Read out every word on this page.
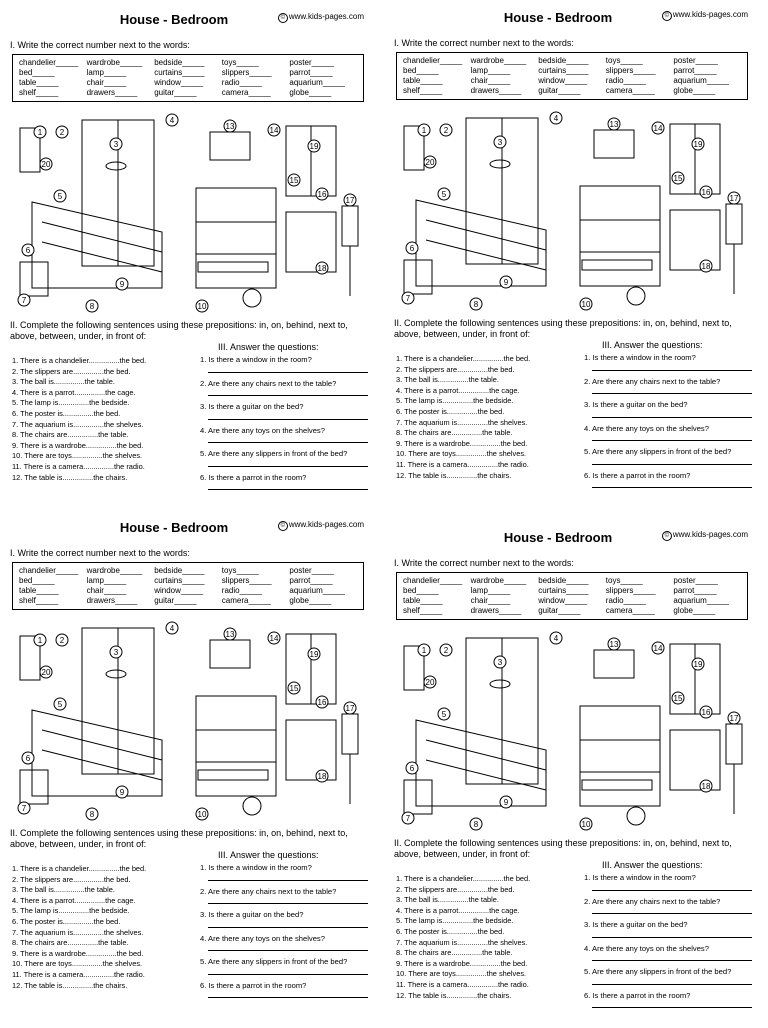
House - Bedroom	© www.kids-pages.com
I. Write the correct number next to the words:
chandelier _____	wardrobe _____	bedside _____	toys _____	poster _____
bed _____	lamp _____	curtains _____	slippers _____	parrot _____
table _____	chair _____	window _____	radio _____	aquarium _____
shelf _____	drawers _____	guitar _____	camera _____	globe _____
1 2
3
4
5
6
7
8
9
10
13	14
15
16
17
18
19
20
II. Complete the following sentences using these prepositions: in, on, behind, next to, above, between, under, in front of:
III. Answer the questions:
1. There is a chandelier...............the bed.
2. The slippers are...............the bed.
3. The ball is...............the table.
4. There is a parrot...............the cage.
5. The lamp is...............the bedside.
6. The poster is...............the bed.
7. The aquarium is...............the shelves.
8. The chairs are...............the table.
9. There is a wardrobe...............the bed.
10. There are toys...............the shelves.
11. There is a camera...............the radio.
12. The table is...............the chairs.
1. Is there a window in the room?
2. Are there any chairs next to the table?
3. Is there a guitar on the bed?
4. Are there any toys on the shelves?
5. Are there any slippers in front of the bed?
6. Is there a parrot in the room?
House - Bedroom	© www.kids-pages.com
I. Write the correct number next to the words:
chandelier _____	wardrobe _____	bedside _____	toys _____	poster _____
bed _____	lamp _____	curtains _____	slippers _____	parrot _____
table _____	chair _____	window _____	radio _____	aquarium _____
shelf _____	drawers _____	guitar _____	camera _____	globe _____
1 2
3
4
5
6
7
8
9
10
13	14
15
16
17
18
19
20
II. Complete the following sentences using these prepositions: in, on, behind, next to, above, between, under, in front of:
III. Answer the questions:
1. There is a chandelier...............the bed.
2. The slippers are...............the bed.
3. The ball is...............the table.
4. There is a parrot...............the cage.
5. The lamp is...............the bedside.
6. The poster is...............the bed.
7. The aquarium is...............the shelves.
8. The chairs are...............the table.
9. There is a wardrobe...............the bed.
10. There are toys...............the shelves.
11. There is a camera...............the radio.
12. The table is...............the chairs.
1. Is there a window in the room?
2. Are there any chairs next to the table?
3. Is there a guitar on the bed?
4. Are there any toys on the shelves?
5. Are there any slippers in front of the bed?
6. Is there a parrot in the room?
House - Bedroom	© www.kids-pages.com
I. Write the correct number next to the words:
chandelier _____	wardrobe _____	bedside _____	toys _____	poster _____
bed _____	lamp _____	curtains _____	slippers _____	parrot _____
table _____	chair _____	window _____	radio _____	aquarium _____
shelf _____	drawers _____	guitar _____	camera _____	globe _____
1 2
3
4
5
6
7
8
9
10
13	14
15
16
17
18
19
20
II. Complete the following sentences using these prepositions: in, on, behind, next to, above, between, under, in front of:
III. Answer the questions:
1. There is a chandelier...............the bed.
2. The slippers are...............the bed.
3. The ball is...............the table.
4. There is a parrot...............the cage.
5. The lamp is...............the bedside.
6. The poster is...............the bed.
7. The aquarium is...............the shelves.
8. The chairs are...............the table.
9. There is a wardrobe...............the bed.
10. There are toys...............the shelves.
11. There is a camera...............the radio.
12. The table is...............the chairs.
1. Is there a window in the room?
2. Are there any chairs next to the table?
3. Is there a guitar on the bed?
4. Are there any toys on the shelves?
5. Are there any slippers in front of the bed?
6. Is there a parrot in the room?
House - Bedroom	© www.kids-pages.com
I. Write the correct number next to the words:
chandelier _____	wardrobe _____	bedside _____	toys _____	poster _____
bed _____	lamp _____	curtains _____	slippers _____	parrot _____
table _____	chair _____	window _____	radio _____	aquarium _____
shelf _____	drawers _____	guitar _____	camera _____	globe _____
1 2
3
4
5
6
7
8
9
10
13	14
15
16
17
18
19
20
II. Complete the following sentences using these prepositions: in, on, behind, next to, above, between, under, in front of:
III. Answer the questions:
1. There is a chandelier...............the bed.
2. The slippers are...............the bed.
3. The ball is...............the table.
4. There is a parrot...............the cage.
5. The lamp is...............the bedside.
6. The poster is...............the bed.
7. The aquarium is...............the shelves.
8. The chairs are...............the table.
9. There is a wardrobe...............the bed.
10. There are toys...............the shelves.
11. There is a camera...............the radio.
12. The table is...............the chairs.
1. Is there a window in the room?
2. Are there any chairs next to the table?
3. Is there a guitar on the bed?
4. Are there any toys on the shelves?
5. Are there any slippers in front of the bed?
6. Is there a parrot in the room?
